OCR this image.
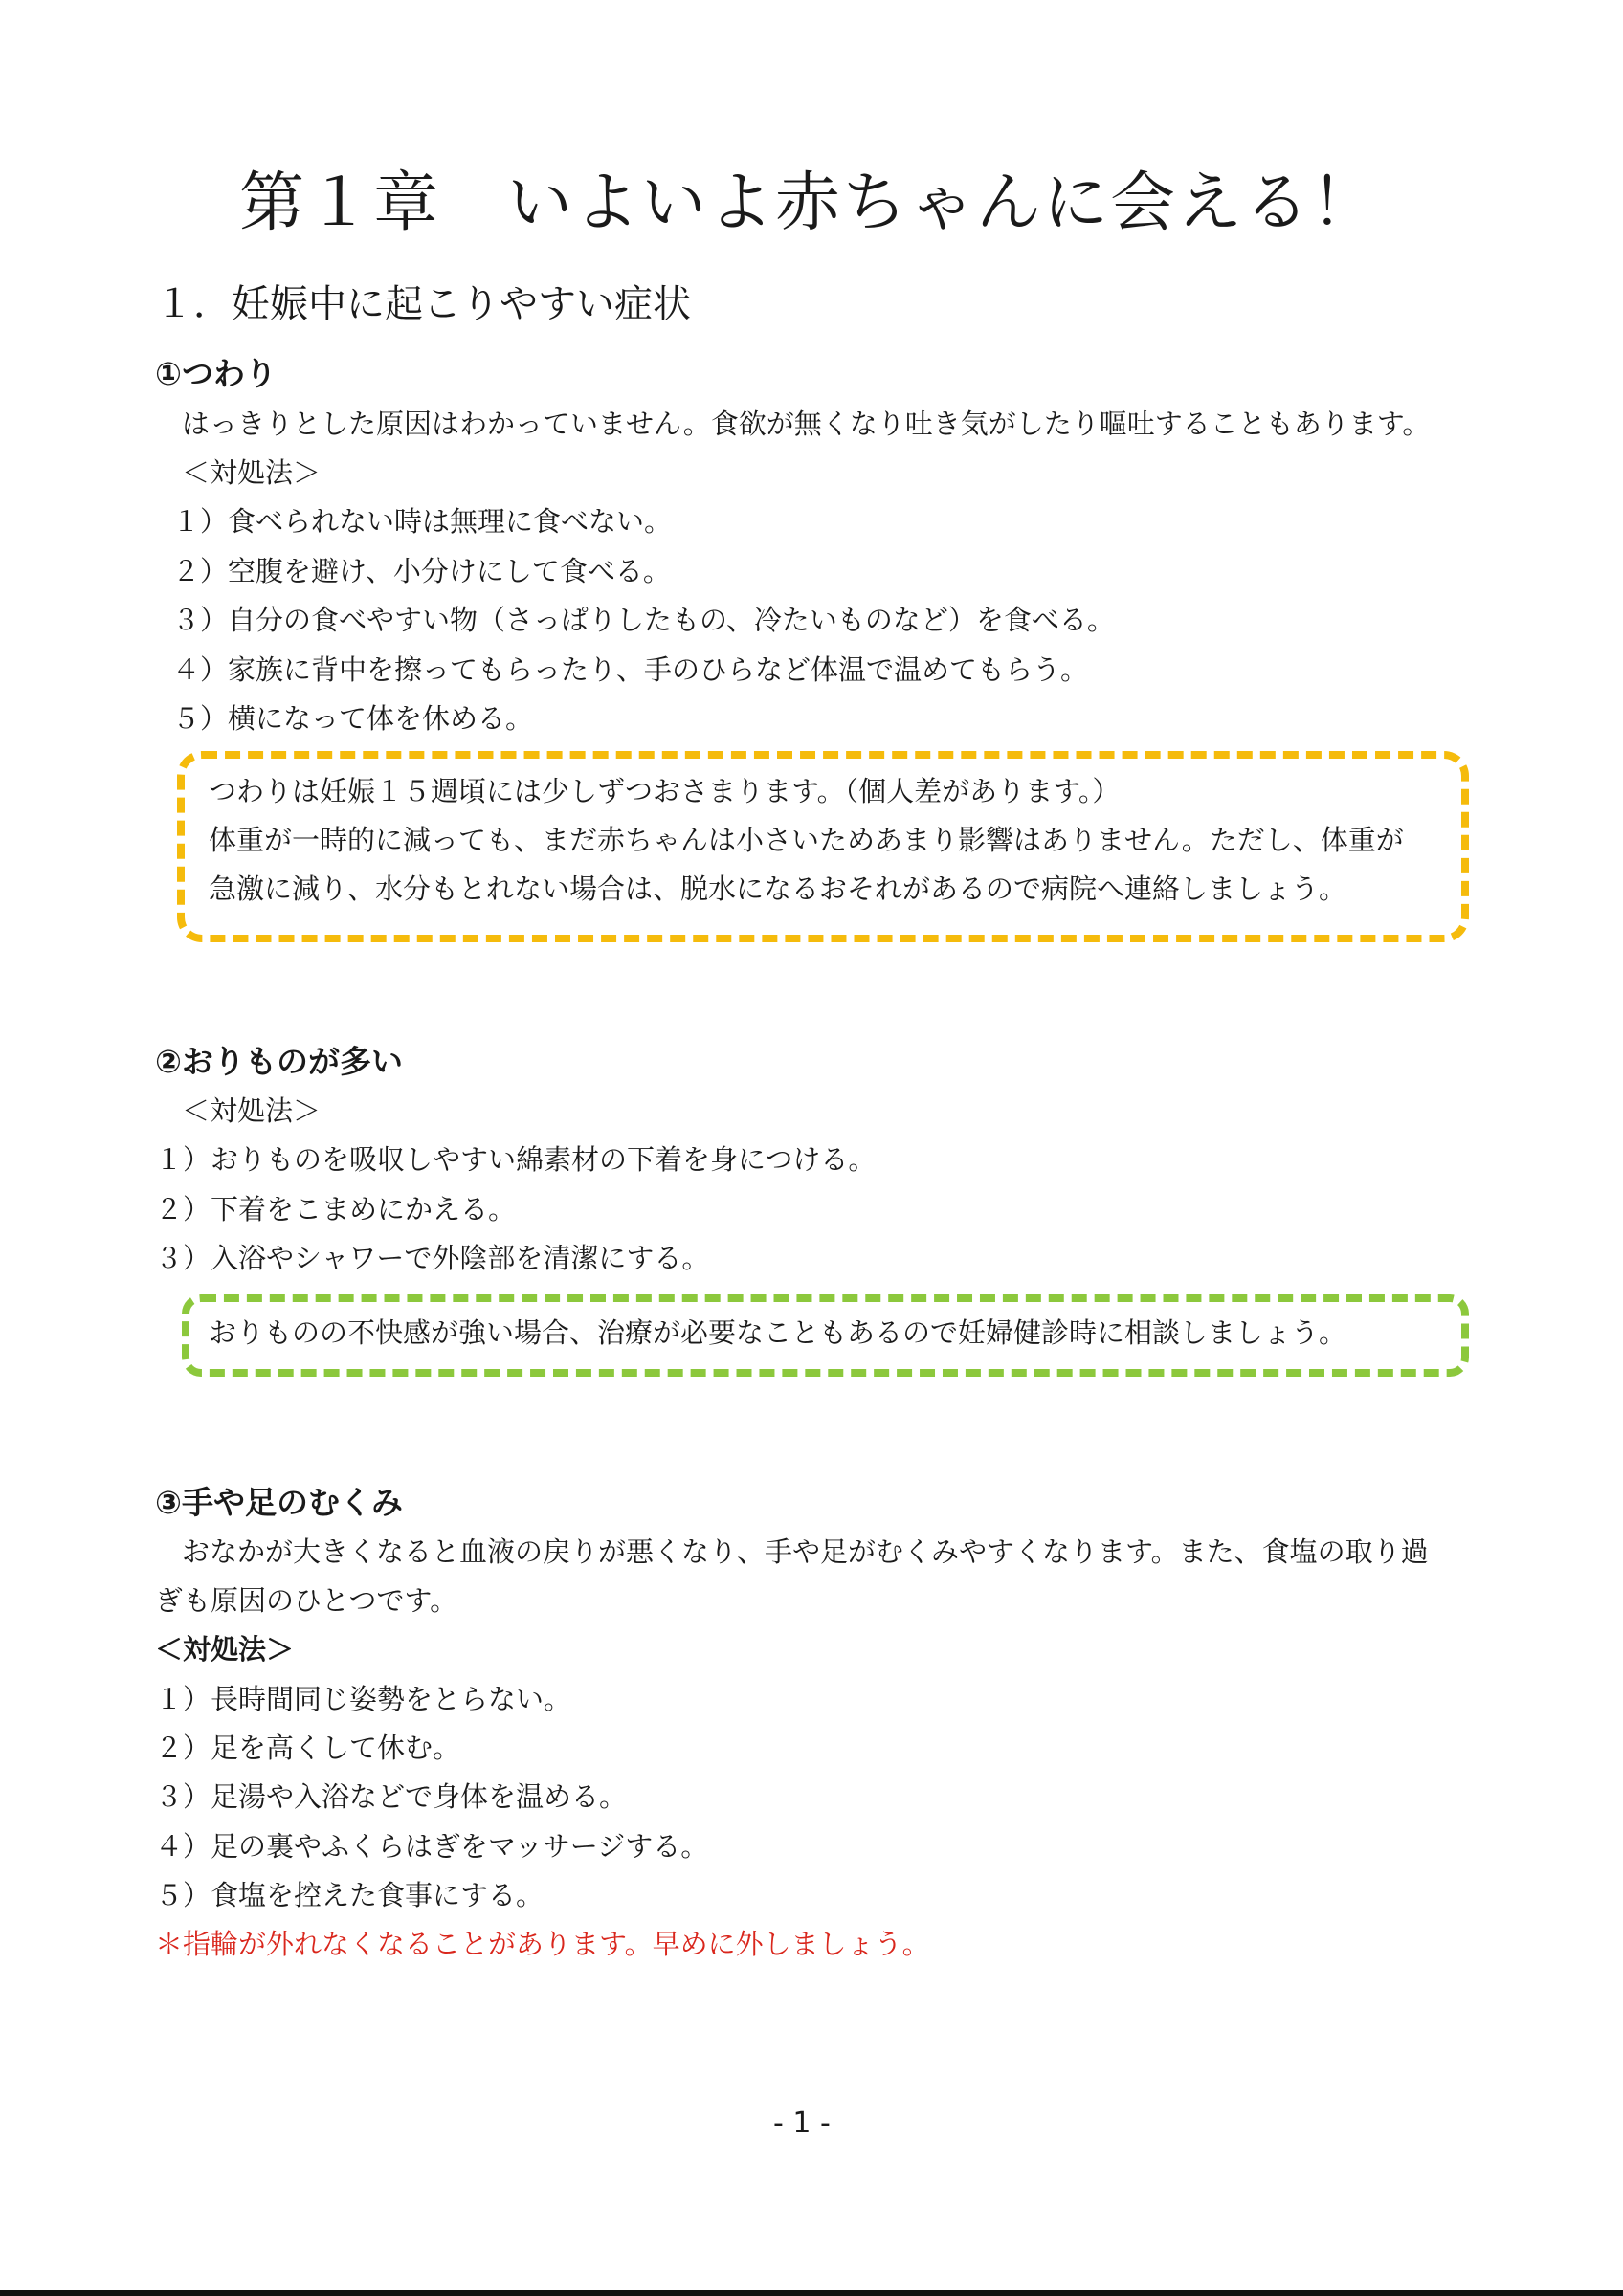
第１章　いよいよ赤ちゃんに会える！
１．妊娠中に起こりやすい症状
①つわり
はっきりとした原因はわかっていません。食欲が無くなり吐き気がしたり嘔吐することもあります。
＜対処法＞
１）食べられない時は無理に食べない。
２）空腹を避け、小分けにして食べる。
３）自分の食べやすい物（さっぱりしたもの、冷たいものなど）を食べる。
４）家族に背中を擦ってもらったり、手のひらなど体温で温めてもらう。
５）横になって体を休める。
つわりは妊娠１５週頃には少しずつおさまります。（個人差があります。）
体重が一時的に減っても、まだ赤ちゃんは小さいためあまり影響はありません。ただし、体重が
急激に減り、水分もとれない場合は、脱水になるおそれがあるので病院へ連絡しましょう。
②おりものが多い
＜対処法＞
１）おりものを吸収しやすい綿素材の下着を身につける。
２）下着をこまめにかえる。
３）入浴やシャワーで外陰部を清潔にする。
おりものの不快感が強い場合、治療が必要なこともあるので妊婦健診時に相談しましょう。
③手や足のむくみ
おなかが大きくなると血液の戻りが悪くなり、手や足がむくみやすくなります。また、食塩の取り過
ぎも原因のひとつです。
＜対処法＞
１）長時間同じ姿勢をとらない。
２）足を高くして休む。
３）足湯や入浴などで身体を温める。
４）足の裏やふくらはぎをマッサージする。
５）食塩を控えた食事にする。
＊指輪が外れなくなることがあります。早めに外しましょう。
- 1 -
